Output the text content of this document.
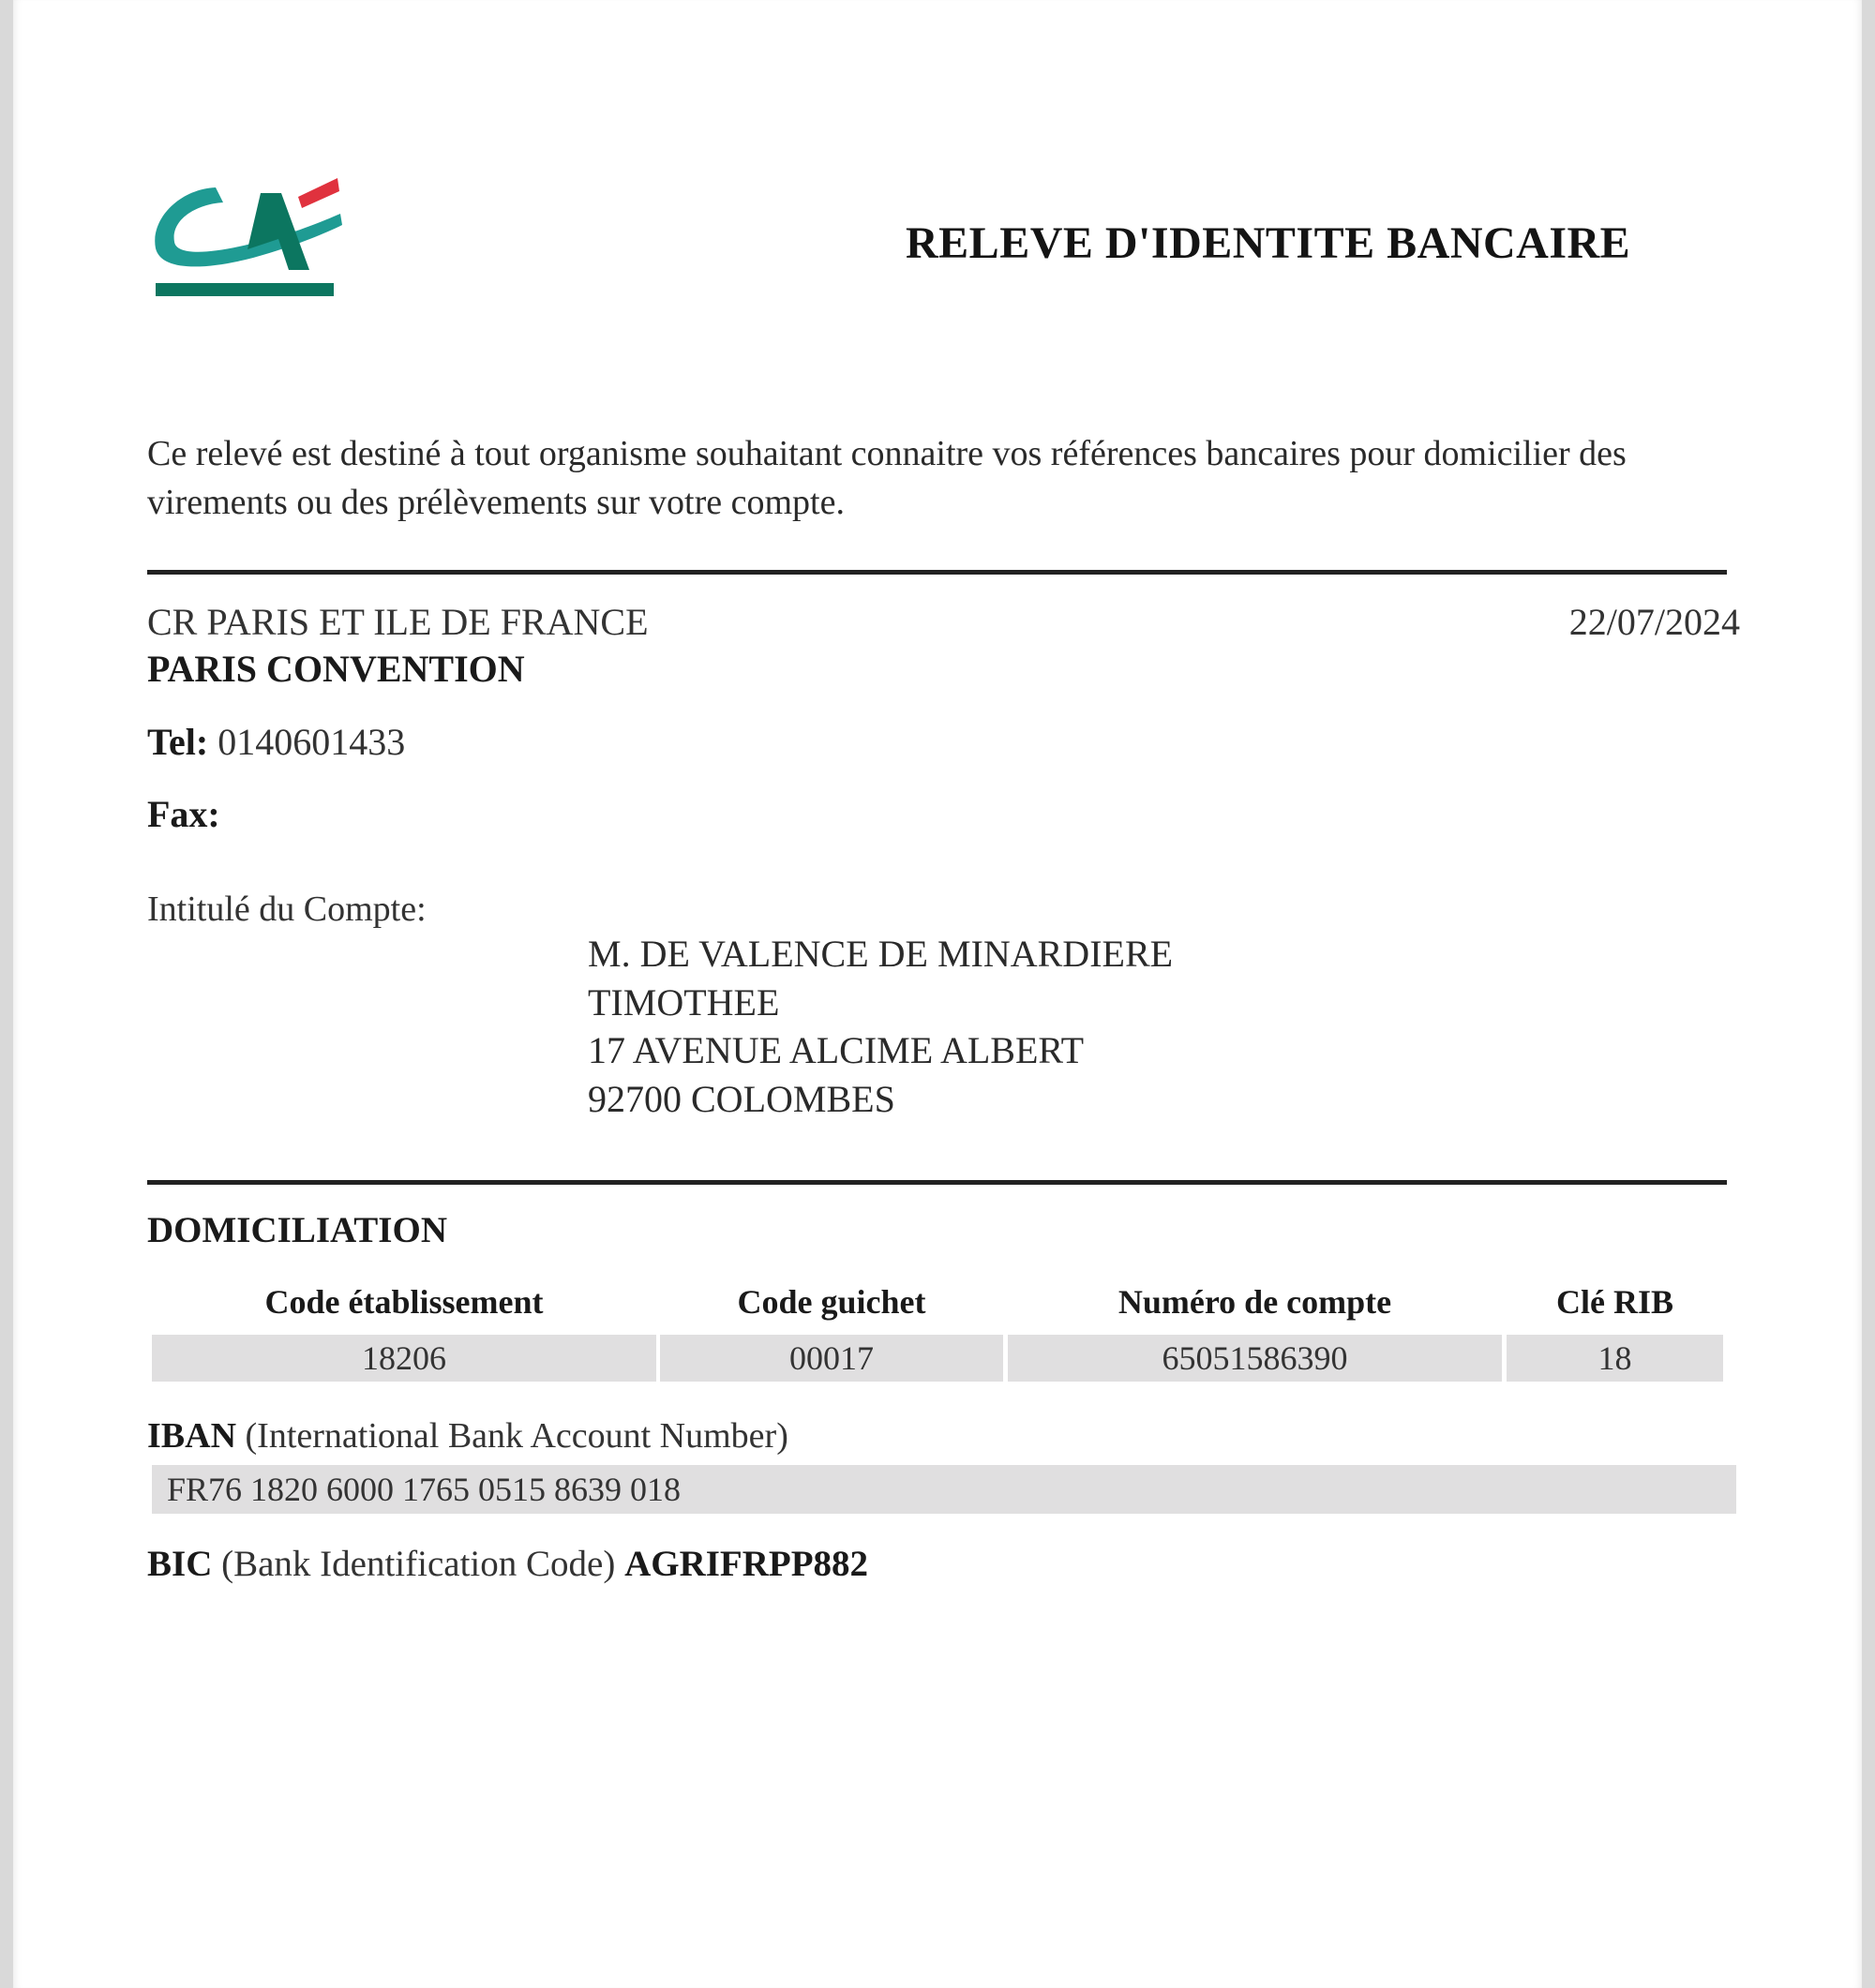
RELEVE D'IDENTITE BANCAIRE
Ce relevé est destiné à tout organisme souhaitant connaitre vos références bancaires pour domicilier des virements ou des prélèvements sur votre compte.
CR PARIS ET ILE DE FRANCE	22/07/2024
PARIS CONVENTION
Tel: 0140601433
Fax:
Intitulé du Compte:
M. DE VALENCE DE MINARDIERE
TIMOTHEE
17 AVENUE ALCIME ALBERT
92700 COLOMBES
DOMICILIATION
Code établissement	Code guichet	Numéro de compte	Clé RIB
18206	00017	65051586390	18
IBAN (International Bank Account Number)
FR76 1820 6000 1765 0515 8639 018
BIC (Bank Identification Code) AGRIFRPP882
